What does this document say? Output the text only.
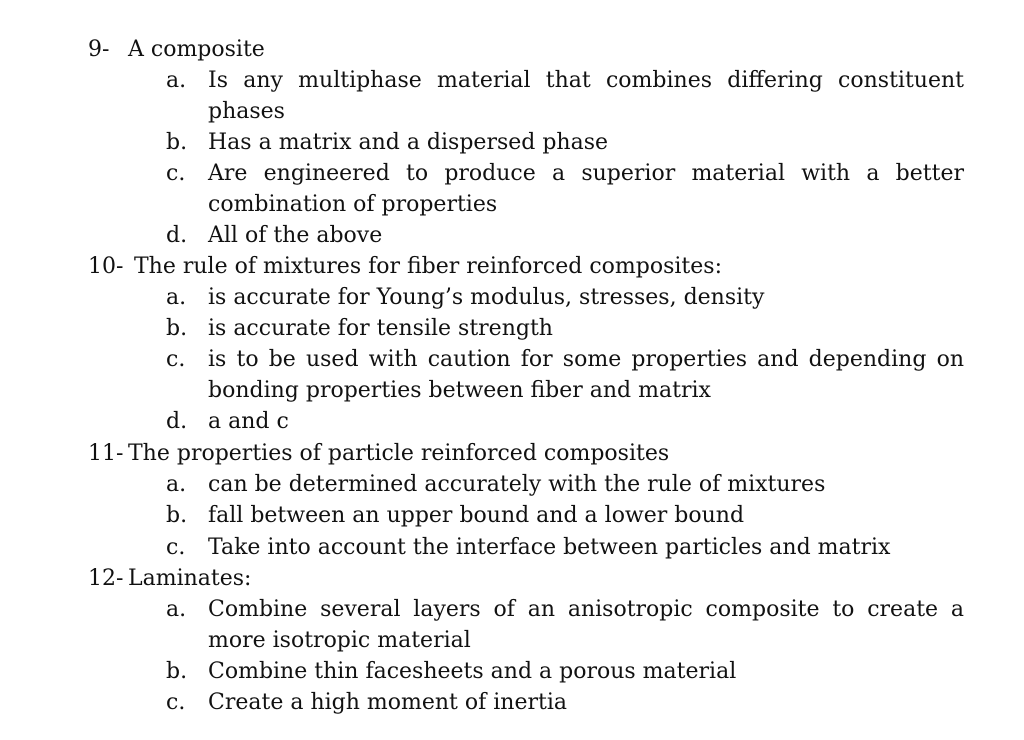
9- A composite
a. Is any multiphase material that combines differing constituent
phases
b. Has a matrix and a dispersed phase
c.	Are engineered to produce a superior material with a better
combination of properties
d. All of the above
10- The rule of mixtures for fiber reinforced composites:
a. is accurate for Young’s modulus, stresses, density
b. is accurate for tensile strength
c.	is to be used with caution for some properties and depending on
bonding properties between fiber and matrix
d. a and c
11- The properties of particle reinforced composites
a. can be determined accurately with the rule of mixtures
b. fall between an upper bound and a lower bound
c.	Take into account the interface between particles and matrix
12- Laminates:
a. Combine several layers of an anisotropic composite to create a
more isotropic material
b. Combine thin facesheets and a porous material
c.	Create a high moment of inertia
